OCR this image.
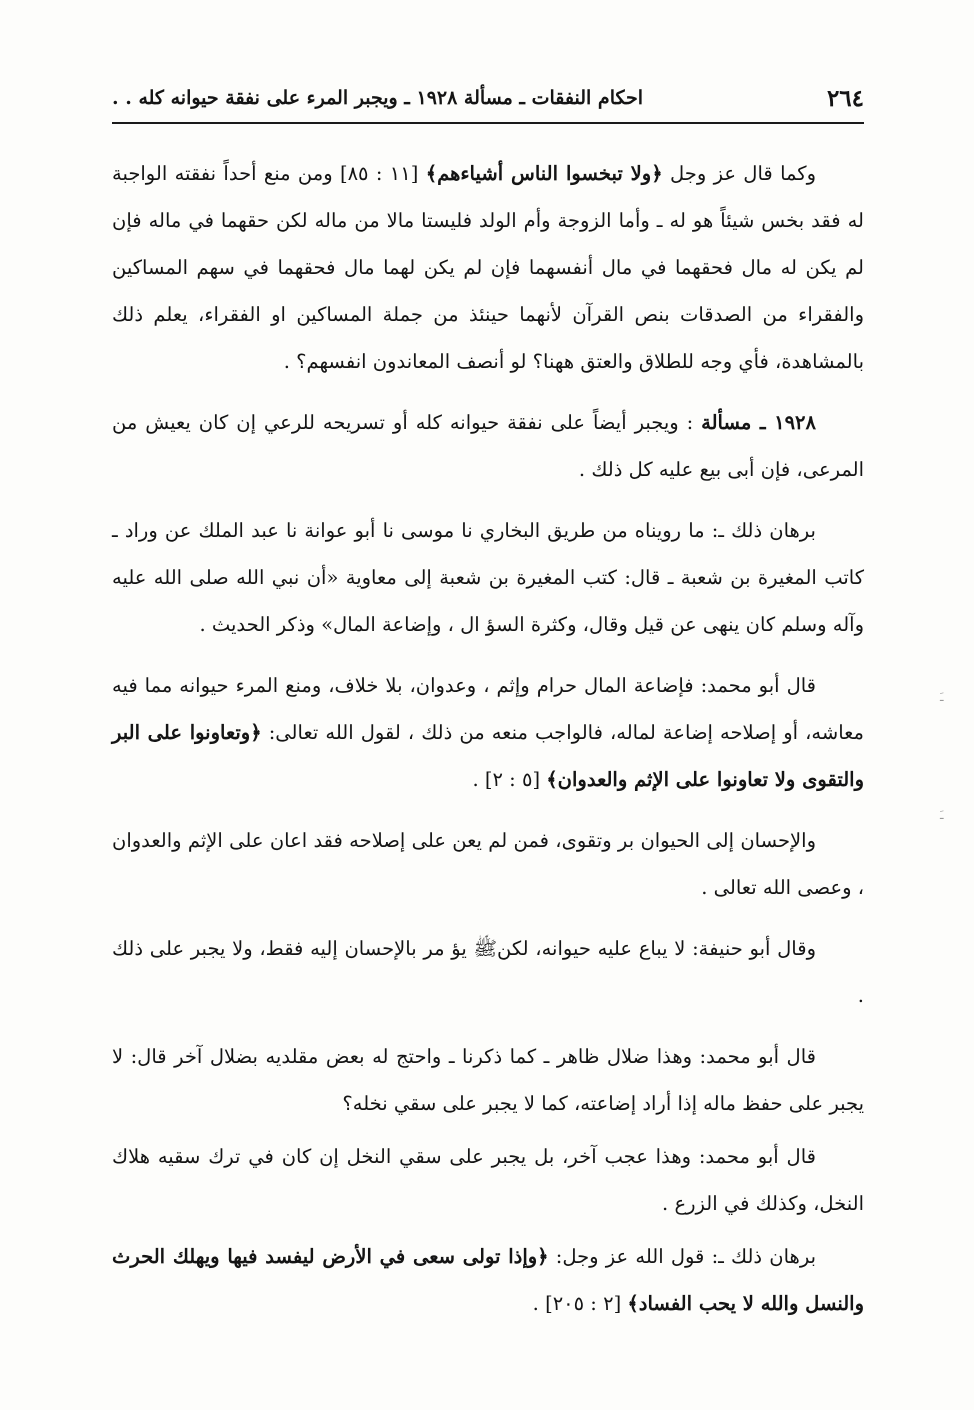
٢٦٤
احكام النفقات ـ مسألة ١٩٢٨ ـ ويجبر المرء على نفقة حيوانه كله . .

وكما قال عز وجل ﴿ولا تبخسوا الناس أشياءهم﴾ [١١ : ٨٥] ومن منع أحداً نفقته الواجبة له فقد بخس شيئاً هو له ـ وأما الزوجة وأم الولد فليستا مالا من ماله لكن حقهما في ماله فإن لم يكن له مال فحقهما في مال أنفسهما فإن لم يكن لهما مال فحقهما في سهم المساكين والفقراء من الصدقات بنص القرآن لأنهما حينئذ من جملة المساكين او الفقراء، يعلم ذلك بالمشاهدة، فأي وجه للطلاق والعتق ههنا؟ لو أنصف المعاندون انفسهم؟ .

١٩٢٨ ـ مسألة : ويجبر أيضاً على نفقة حيوانه كله أو تسريحه للرعي إن كان يعيش من المرعى، فإن أبى بيع عليه كل ذلك .

برهان ذلك ـ: ما رويناه من طريق البخاري نا موسى نا أبو عوانة نا عبد الملك عن وراد ـ كاتب المغيرة بن شعبة ـ قال: كتب المغيرة بن شعبة إلى معاوية «أن نبي الله صلى الله عليه وآله وسلم كان ينهى عن قيل وقال، وكثرة السؤ ال ، وإضاعة المال» وذكر الحديث .

قال أبو محمد: فإضاعة المال حرام وإثم ، وعدوان، بلا خلاف، ومنع المرء حيوانه مما فيه معاشه، أو إصلاحه إضاعة لماله، فالواجب منعه من ذلك ، لقول الله تعالى: ﴿وتعاونوا على البر والتقوى ولا تعاونوا على الإثم والعدوان﴾ [٥ : ٢] .

والإحسان إلى الحيوان بر وتقوى، فمن لم يعن على إصلاحه فقد اعان على الإثم والعدوان ، وعصى الله تعالى .

وقال أبو حنيفة: لا يباع عليه حيوانه، لكنﷺ يؤ مر بالإحسان إليه فقط، ولا يجبر على ذلك .

قال أبو محمد: وهذا ضلال ظاهر ـ كما ذكرنا ـ واحتج له بعض مقلديه بضلال آخر قال: لا يجبر على حفظ ماله إذا أراد إضاعته، كما لا يجبر على سقي نخله؟

قال أبو محمد: وهذا عجب آخر، بل يجبر على سقي النخل إن كان في ترك سقيه هلاك النخل، وكذلك في الزرع .

برهان ذلك ـ: قول الله عز وجل: ﴿وإذا تولى سعى في الأرض ليفسد فيها ويهلك الحرث والنسل والله لا يحب الفساد﴾ [٢ : ٢٠٥] .

ﹷ
ﹷ
